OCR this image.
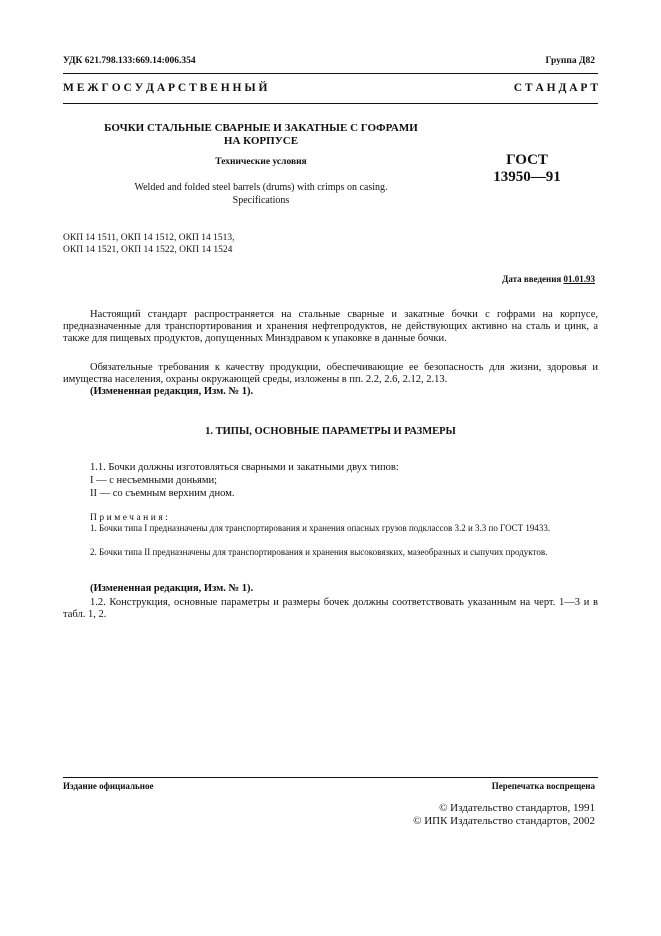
УДК 621.798.133:669.14:006.354	Группа Д82
М Е Ж Г О С У Д А Р С Т В Е Н Н Ы Й	С Т А Н Д А Р Т
БОЧКИ СТАЛЬНЫЕ СВАРНЫЕ И ЗАКАТНЫЕ С ГОФРАМИ
НА КОРПУСЕ
Технические условия
Welded and folded steel barrels (drums) with crimps on casing.
Specifications
ГОСТ
13950—91
ОКП 14 1511, ОКП 14 1512, ОКП 14 1513,
ОКП 14 1521, ОКП 14 1522, ОКП 14 1524
Дата введения 01.01.93
Настоящий стандарт распространяется на стальные сварные и закатные бочки с гофрами на корпусе, предназначенные для транспортирования и хранения нефтепродуктов, не действующих активно на сталь и цинк, а также для пищевых продуктов, допущенных Минздравом к упаковке в данные бочки.
Обязательные требования к качеству продукции, обеспечивающие ее безопасность для жизни, здоровья и имущества населения, охраны окружающей среды, изложены в пп. 2.2, 2.6, 2.12, 2.13.
(Измененная редакция, Изм. № 1).
1. ТИПЫ, ОСНОВНЫЕ ПАРАМЕТРЫ И РАЗМЕРЫ
1.1. Бочки должны изготовляться сварными и закатными двух типов:
I — с несъемными доньями;
II — со съемным верхним дном.
Примечания:
1. Бочки типа I предназначены для транспортирования и хранения опасных грузов подклассов 3.2 и 3.3 по ГОСТ 19433.
2. Бочки типа II предназначены для транспортирования и хранения высоковязких, мазеобразных и сыпучих продуктов.
(Измененная редакция, Изм. № 1).
1.2. Конструкция, основные параметры и размеры бочек должны соответствовать указанным на черт. 1—3 и в табл. 1, 2.
Издание официальное	Перепечатка воспрещена
© Издательство стандартов, 1991
© ИПК Издательство стандартов, 2002
